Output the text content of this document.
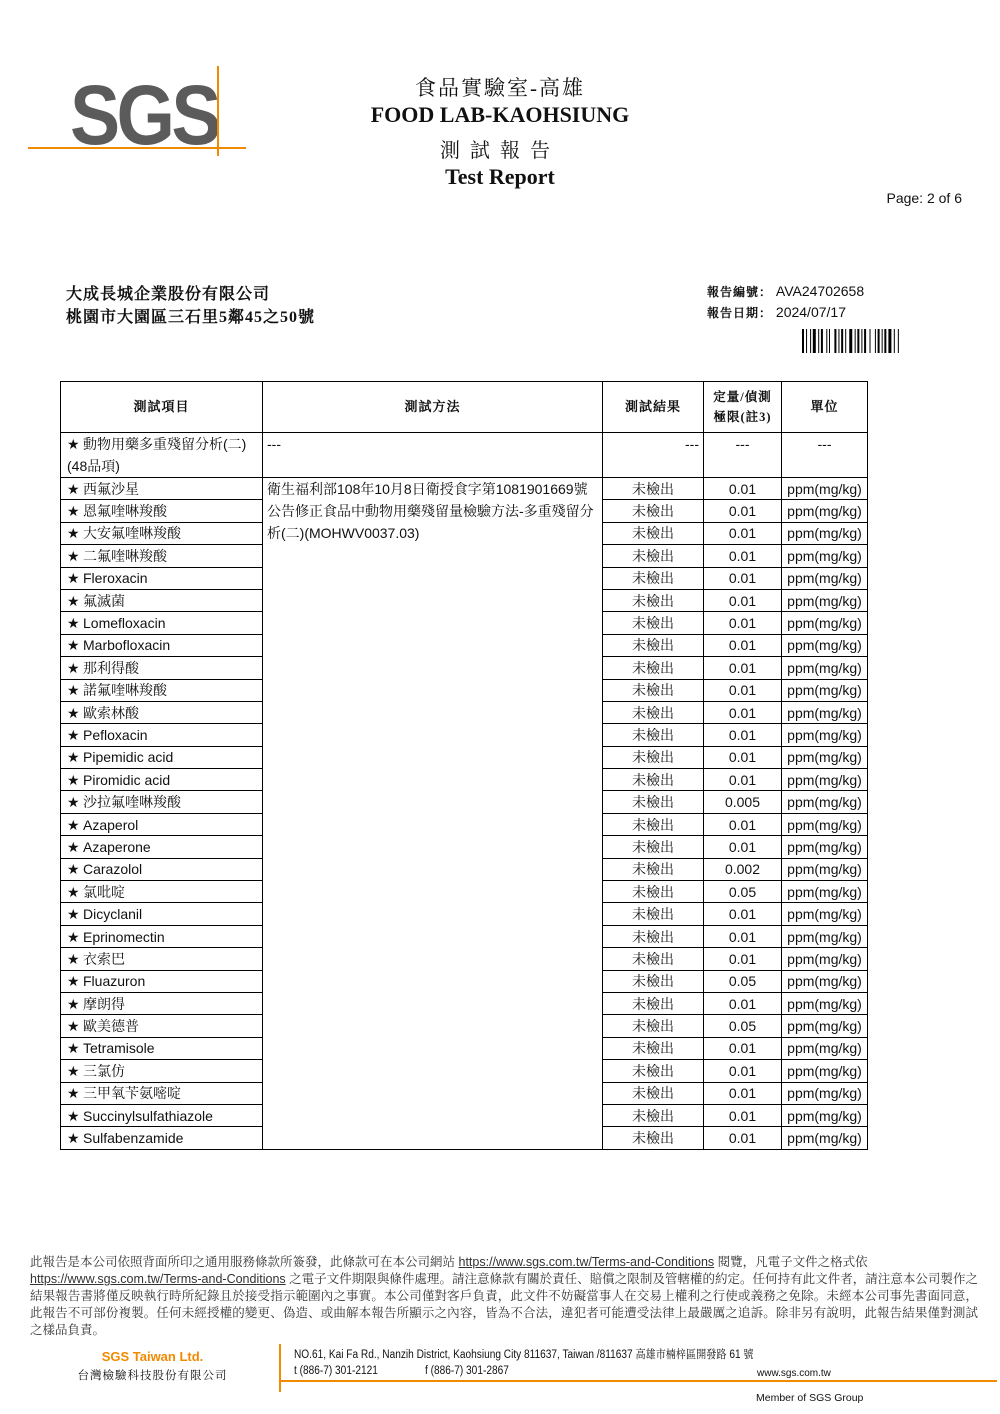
SGS	食品實驗室-高雄
FOOD LAB-KAOHSIUNG
測試報告
Test Report
Page: 2 of 6
大成長城企業股份有限公司
桃園市大園區三石里5鄰45之50號
報告編號： AVA24702658
報告日期： 2024/07/17
測試項目	測試方法	測試結果	定量/偵測極限(註3)	單位
★ 動物用藥多重殘留分析(二)(48品項)	---	---	---	---
★ 西氟沙星	衛生福利部108年10月8日衛授食字第1081901669號公告修正食品中動物用藥殘留量檢驗方法-多重殘留分析(二)(MOHWV0037.03)	未檢出	0.01	ppm(mg/kg)
★ 恩氟喹啉羧酸		未檢出	0.01	ppm(mg/kg)
★ 大安氟喹啉羧酸		未檢出	0.01	ppm(mg/kg)
★ 二氟喹啉羧酸		未檢出	0.01	ppm(mg/kg)
★ Fleroxacin		未檢出	0.01	ppm(mg/kg)
★ 氟滅菌		未檢出	0.01	ppm(mg/kg)
★ Lomefloxacin		未檢出	0.01	ppm(mg/kg)
★ Marbofloxacin		未檢出	0.01	ppm(mg/kg)
★ 那利得酸		未檢出	0.01	ppm(mg/kg)
★ 諾氟喹啉羧酸		未檢出	0.01	ppm(mg/kg)
★ 歐索林酸		未檢出	0.01	ppm(mg/kg)
★ Pefloxacin		未檢出	0.01	ppm(mg/kg)
★ Pipemidic acid		未檢出	0.01	ppm(mg/kg)
★ Piromidic acid		未檢出	0.01	ppm(mg/kg)
★ 沙拉氟喹啉羧酸		未檢出	0.005	ppm(mg/kg)
★ Azaperol		未檢出	0.01	ppm(mg/kg)
★ Azaperone		未檢出	0.01	ppm(mg/kg)
★ Carazolol		未檢出	0.002	ppm(mg/kg)
★ 氯吡啶		未檢出	0.05	ppm(mg/kg)
★ Dicyclanil		未檢出	0.01	ppm(mg/kg)
★ Eprinomectin		未檢出	0.01	ppm(mg/kg)
★ 衣索巴		未檢出	0.01	ppm(mg/kg)
★ Fluazuron		未檢出	0.05	ppm(mg/kg)
★ 摩朗得		未檢出	0.01	ppm(mg/kg)
★ 歐美德普		未檢出	0.05	ppm(mg/kg)
★ Tetramisole		未檢出	0.01	ppm(mg/kg)
★ 三氯仿		未檢出	0.01	ppm(mg/kg)
★ 三甲氧苄氨嘧啶		未檢出	0.01	ppm(mg/kg)
★ Succinylsulfathiazole		未檢出	0.01	ppm(mg/kg)
★ Sulfabenzamide		未檢出	0.01	ppm(mg/kg)
此報告是本公司依照背面所印之通用服務條款所簽發，此條款可在本公司網站 https://www.sgs.com.tw/Terms-and-Conditions 閱覽，凡電子文件之格式依
https://www.sgs.com.tw/Terms-and-Conditions 之電子文件期限與條件處理。請注意條款有關於責任、賠償之限制及管轄權的約定。任何持有此文件者，請注意本公司製作之結果報告書將僅反映執行時所紀錄且於接受指示範圍內之事實。本公司僅對客戶負責，此文件不妨礙當事人在交易上權利之行使或義務之免除。未經本公司事先書面同意，此報告不可部份複製。任何未經授權的變更、偽造、或曲解本報告所顯示之內容，皆為不合法，違犯者可能遭受法律上最嚴厲之追訴。除非另有說明，此報告結果僅對測試之樣品負責。
SGS Taiwan Ltd.
台灣檢驗科技股份有限公司
NO.61, Kai Fa Rd., Nanzih District, Kaohsiung City 811637, Taiwan /811637 高雄市楠梓區開發路 61 號
t (886-7) 301-2121	f (886-7) 301-2867	www.sgs.com.tw
Member of SGS Group
